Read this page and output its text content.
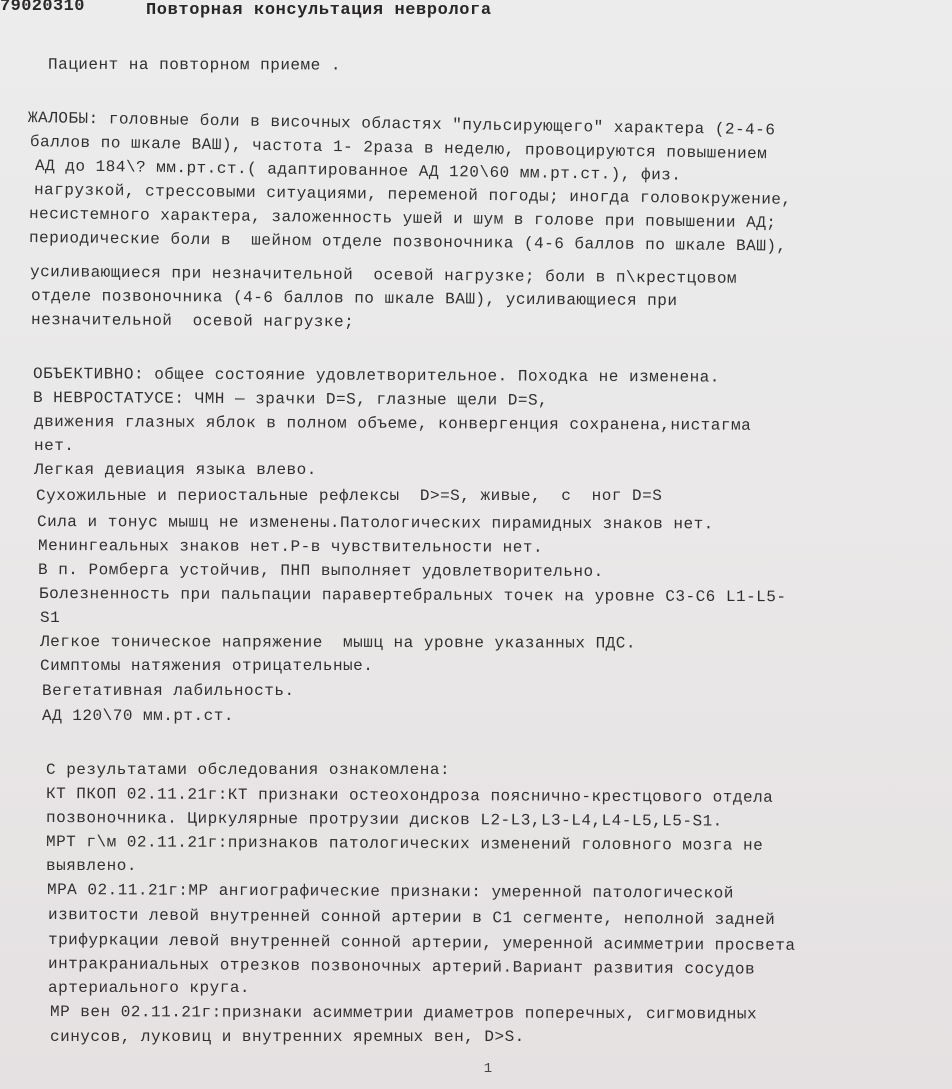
79020310	Повторная консультация невролога
Пациент на повторном приеме .
ЖАЛОБЫ: головные боли в височных областях "пульсирующего" характера (2-4-6
баллов по шкале ВАШ), частота 1- 2раза в неделю, провоцируются повышением
АД до 184\? мм.рт.ст.( адаптированное АД 120\60 мм.рт.ст.), физ.
нагрузкой, стрессовыми ситуациями, переменой погоды; иногда головокружение,
несистемного характера, заложенность ушей и шум в голове при повышении АД;
периодические боли в  шейном отделе позвоночника (4-6 баллов по шкале ВАШ),
усиливающиеся при незначительной  осевой нагрузке; боли в п\крестцовом
отделе позвоночника (4-6 баллов по шкале ВАШ), усиливающиеся при
незначительной  осевой нагрузке;
ОБЪЕКТИВНО: общее состояние удовлетворительное. Походка не изменена.
В НЕВРОСТАТУСЕ: ЧМН — зрачки D=S, глазные щели D=S,
движения глазных яблок в полном объеме, конвергенция сохранена,нистагма
нет.
Легкая девиация языка влево.
Сухожильные и периостальные рефлексы  D>=S, живые,  с  ног D=S
Сила и тонус мышц не изменены.Патологических пирамидных знаков нет.
Менингеальных знаков нет.Р-в чувствительности нет.
В п. Ромберга устойчив, ПНП выполняет удовлетворительно.
Болезненность при пальпации паравертебральных точек на уровне С3-С6 L1-L5-
S1
Легкое тоническое напряжение  мышц на уровне указанных ПДС.
Симптомы натяжения отрицательные.
Вегетативная лабильность.
АД 120\70 мм.рт.ст.
С результатами обследования ознакомлена:
КТ ПКОП 02.11.21г:КТ признаки остеохондроза пояснично-крестцового отдела
позвоночника. Циркулярные протрузии дисков L2-L3,L3-L4,L4-L5,L5-S1.
МРТ г\м 02.11.21г:признаков патологических изменений головного мозга не
выявлено.
МРА 02.11.21г:МР ангиографические признаки: умеренной патологической
извитости левой внутренней сонной артерии в С1 сегменте, неполной задней
трифуркации левой внутренней сонной артерии, умеренной асимметрии просвета
интракраниальных отрезков позвоночных артерий.Вариант развития сосудов
артериального круга.
МР вен 02.11.21г:признаки асимметрии диаметров поперечных, сигмовидных
синусов, луковиц и внутренних яремных вен, D>S.
1
